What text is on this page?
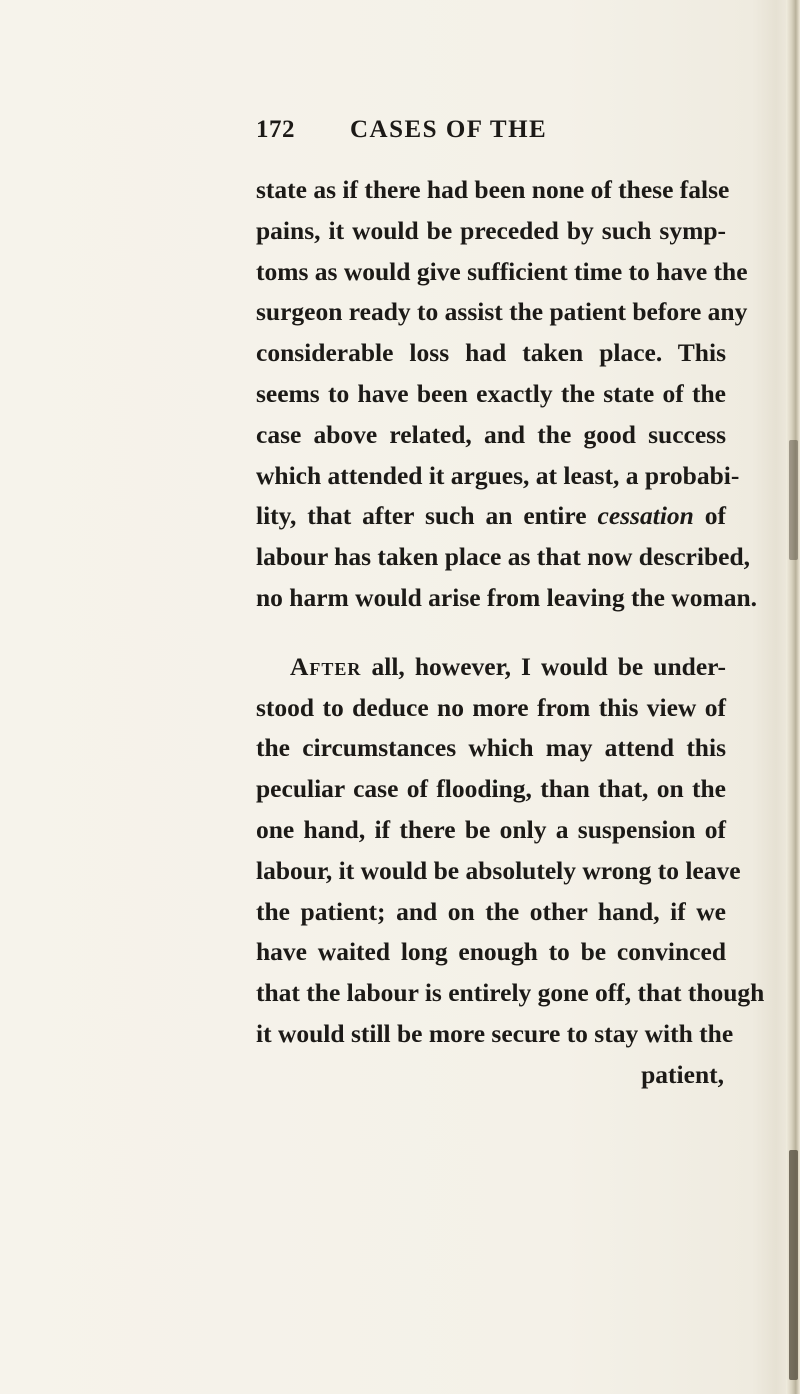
172 CASES OF THE
state as if there had been none of these false
pains, it would be preceded by such symp-
toms as would give sufficient time to have the
surgeon ready to assist the patient before any
considerable loss had taken place. This
seems to have been exactly the state of the
case above related, and the good success
which attended it argues, at least, a probabi-
lity, that after such an entire cessation of
labour has taken place as that now described,
no harm would arise from leaving the woman.
After all, however, I would be under-
stood to deduce no more from this view of
the circumstances which may attend this
peculiar case of flooding, than that, on the
one hand, if there be only a suspension of
labour, it would be absolutely wrong to leave
the patient; and on the other hand, if we
have waited long enough to be convinced
that the labour is entirely gone off, that though
it would still be more secure to stay with the
patient,
